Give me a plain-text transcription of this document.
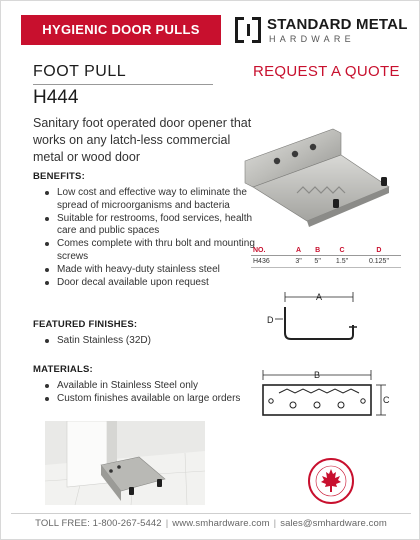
HYGIENIC DOOR PULLS	STANDARD METAL
HARDWARE
FOOT PULL
H444
REQUEST A QUOTE
Sanitary foot operated door opener that works on any latch-less commercial metal or wood door
BENEFITS:
Low cost and effective way to eliminate the spread of microorganisms and bacteria
Suitable for restrooms, food services, health care and public spaces
Comes complete with thru bolt and mounting screws
Made with heavy-duty stainless steel
Door decal available upon request
NO.	A	B	C	D
H436	3"	5"	1.5"	0.125"
A
D
FEATURED FINISHES:
Satin Stainless (32D)
MATERIALS:
Available in Stainless Steel only
Custom finishes available on large orders
B
C
TOLL FREE: 1-800-267-5442 | www.smhardware.com | sales@smhardware.com
